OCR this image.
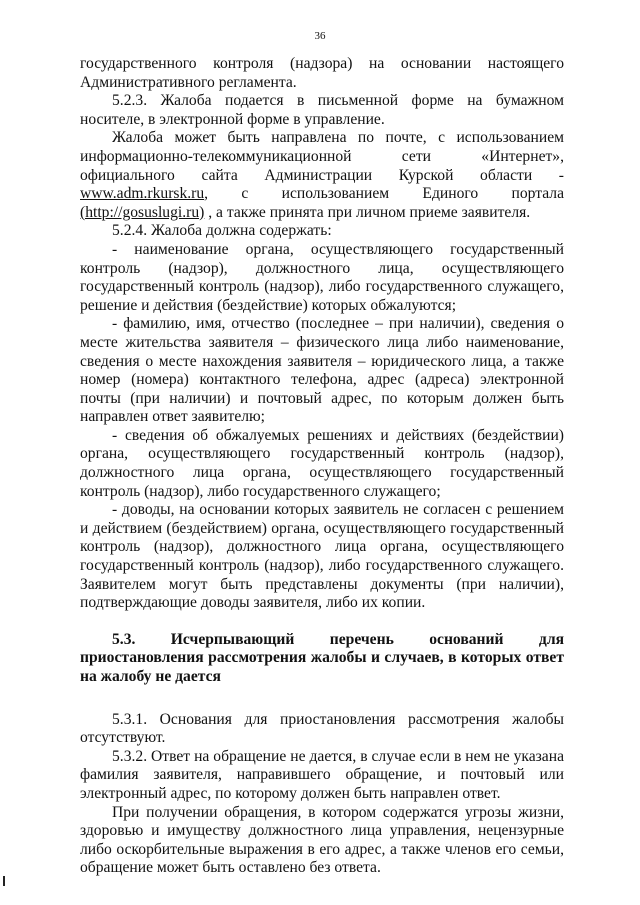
36

государственного контроля (надзора) на основании настоящего Административного регламента.

5.2.3. Жалоба подается в письменной форме на бумажном носителе, в электронной форме в управление.

Жалоба может быть направлена по почте, с использованием информационно-телекоммуникационной сети «Интернет», официального сайта Администрации Курской области - www.adm.rkursk.ru, с использованием Единого портала (http://gosuslugi.ru) , а также принята при личном приеме заявителя.

5.2.4. Жалоба должна содержать:

- наименование органа, осуществляющего государственный контроль (надзор), должностного лица, осуществляющего государственный контроль (надзор), либо государственного служащего, решение и действия (бездействие) которых обжалуются;

- фамилию, имя, отчество (последнее – при наличии), сведения о месте жительства заявителя – физического лица либо наименование, сведения о месте нахождения заявителя – юридического лица, а также номер (номера) контактного телефона, адрес (адреса) электронной почты (при наличии) и почтовый адрес, по которым должен быть направлен ответ заявителю;

- сведения об обжалуемых решениях и действиях (бездействии) органа, осуществляющего государственный контроль (надзор), должностного лица органа, осуществляющего государственный контроль (надзор), либо государственного служащего;

- доводы, на основании которых заявитель не согласен с решением и действием (бездействием) органа, осуществляющего государственный контроль (надзор), должностного лица органа, осуществляющего государственный контроль (надзор), либо государственного служащего. Заявителем могут быть представлены документы (при наличии), подтверждающие доводы заявителя, либо их копии.

5.3. Исчерпывающий перечень оснований для приостановления рассмотрения жалобы и случаев, в которых ответ на жалобу не дается

5.3.1. Основания для приостановления рассмотрения жалобы отсутствуют.

5.3.2. Ответ на обращение не дается, в случае если в нем не указана фамилия заявителя, направившего обращение, и почтовый или электронный адрес, по которому должен быть направлен ответ.

При получении обращения, в котором содержатся угрозы жизни, здоровью и имуществу должностного лица управления, нецензурные либо оскорбительные выражения в его адрес, а также членов его семьи, обращение может быть оставлено без ответа.
